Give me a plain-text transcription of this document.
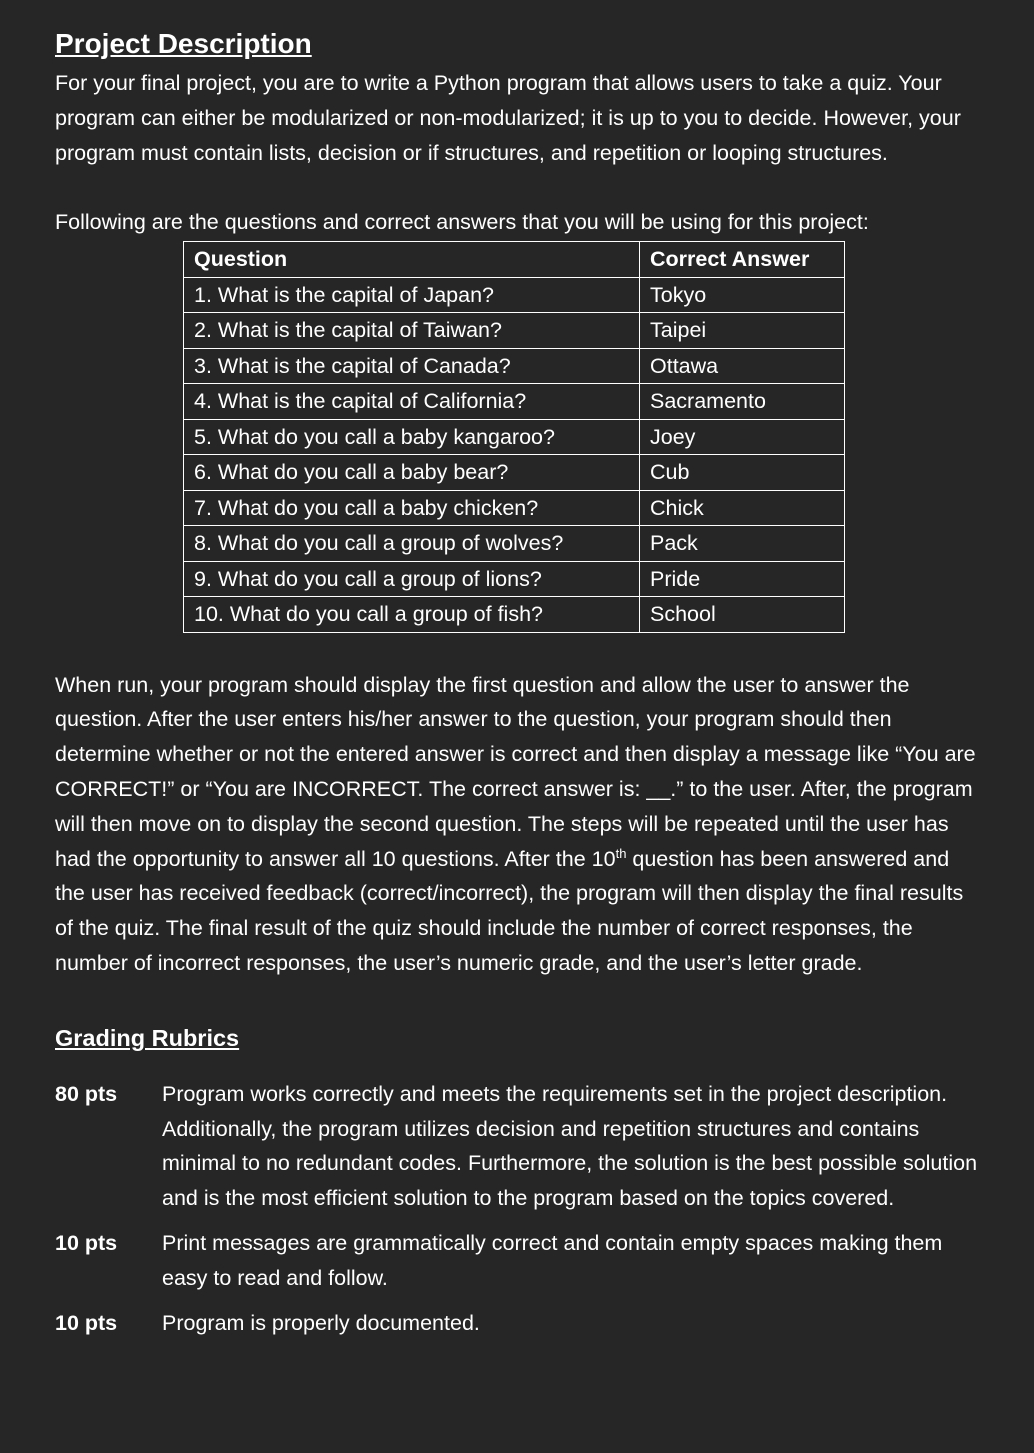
Project Description

For your final project, you are to write a Python program that allows users to take a quiz. Your program can either be modularized or non-modularized; it is up to you to decide. However, your program must contain lists, decision or if structures, and repetition or looping structures.

Following are the questions and correct answers that you will be using for this project:

Question	Correct Answer
1. What is the capital of Japan?	Tokyo
2. What is the capital of Taiwan?	Taipei
3. What is the capital of Canada?	Ottawa
4. What is the capital of California?	Sacramento
5. What do you call a baby kangaroo?	Joey
6. What do you call a baby bear?	Cub
7. What do you call a baby chicken?	Chick
8. What do you call a group of wolves?	Pack
9. What do you call a group of lions?	Pride
10. What do you call a group of fish?	School

When run, your program should display the first question and allow the user to answer the question. After the user enters his/her answer to the question, your program should then determine whether or not the entered answer is correct and then display a message like “You are CORRECT!” or “You are INCORRECT. The correct answer is: __.” to the user. After, the program will then move on to display the second question. The steps will be repeated until the user has had the opportunity to answer all 10 questions. After the 10th question has been answered and the user has received feedback (correct/incorrect), the program will then display the final results of the quiz. The final result of the quiz should include the number of correct responses, the number of incorrect responses, the user’s numeric grade, and the user’s letter grade.

Grading Rubrics
80 pts	Program works correctly and meets the requirements set in the project description. Additionally, the program utilizes decision and repetition structures and contains minimal to no redundant codes. Furthermore, the solution is the best possible solution and is the most efficient solution to the program based on the topics covered.
10 pts	Print messages are grammatically correct and contain empty spaces making them easy to read and follow.
10 pts	Program is properly documented.
